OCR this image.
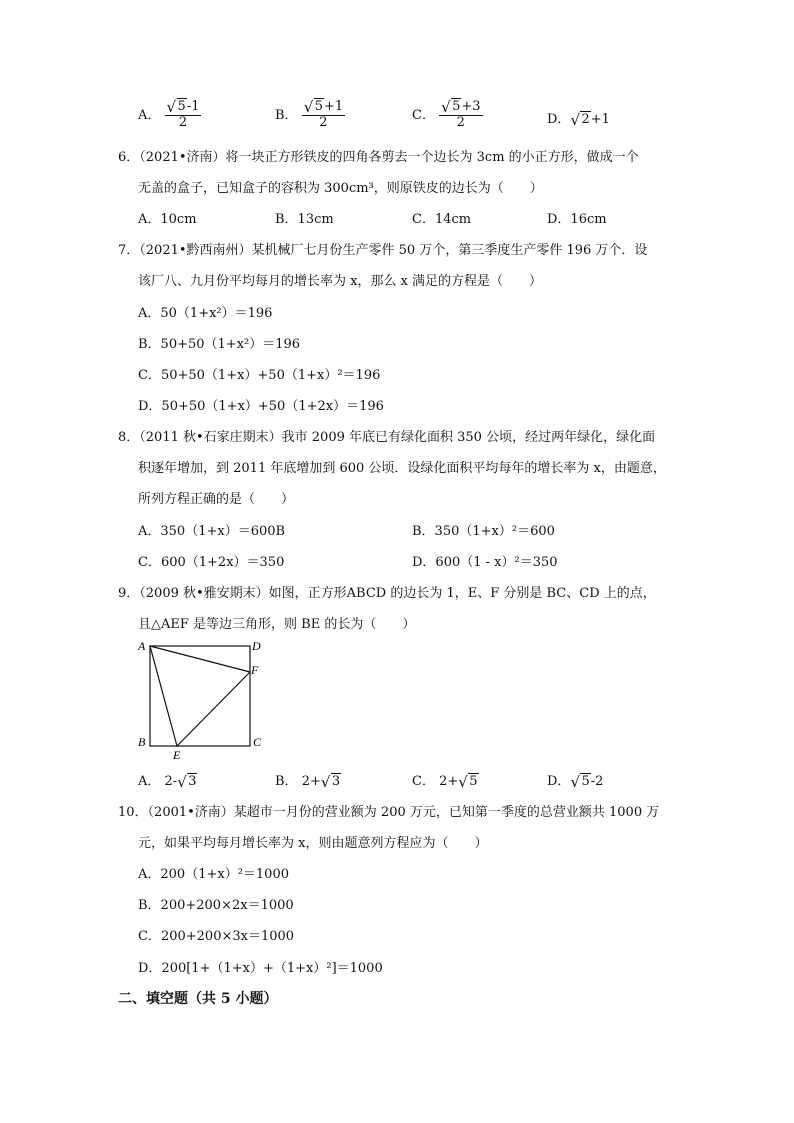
A． √ $\frac{5-1}{2}$	B． √ $\frac{5+1}{2}$	C． √ $\frac{5+3}{2}$	D． √ 2+1
6．（2021•济南）将一块正方形铁皮的四角各剪去一个边长为 3cm 的小正方形，做成一个
无盖的盒子，已知盒子的容积为 300cm³，则原铁皮的边长为（　　）
A．10cm	B．13cm	C．14cm	D．16cm
7．（2021•黔西南州）某机械厂七月份生产零件 50 万个，第三季度生产零件 196 万个．设
该厂八、九月份平均每月的增长率为 x，那么 x 满足的方程是（　　）
A．50（1+x²）＝196
B．50+50（1+x²）＝196
C．50+50（1+x）+50（1+x）²＝196
D．50+50（1+x）+50（1+2x）＝196
8．（2011 秋•石家庄期末）我市 2009 年底已有绿化面积 350 公顷，经过两年绿化，绿化面
积逐年增加，到 2011 年底增加到 600 公顷．设绿化面积平均每年的增长率为 x，由题意，
所列方程正确的是（　　）
A．350（1+x）＝600B	B．350（1+x）²＝600
C．600（1+2x）＝350	D．600（1 - x）²＝350
9．（2009 秋•雅安期末）如图，正方形ABCD 的边长为 1，E、F 分别是 BC、CD 上的点，
且△AEF 是等边三角形，则 BE 的长为（　　）
A	D
F
B	C
E
A． 2- √ 3	B． 2+ √ 3	C． 2+ √ 5	D． √ 5-2
10．（2001•济南）某超市一月份的营业额为 200 万元，已知第一季度的总营业额共 1000 万
元，如果平均每月增长率为 x，则由题意列方程应为（　　）
A．200（1+x）²＝1000
B．200+200×2x＝1000
C．200+200×3x＝1000
D．200[1+（1+x）+（1+x）²]＝1000
二、填空题（共 5 小题）
